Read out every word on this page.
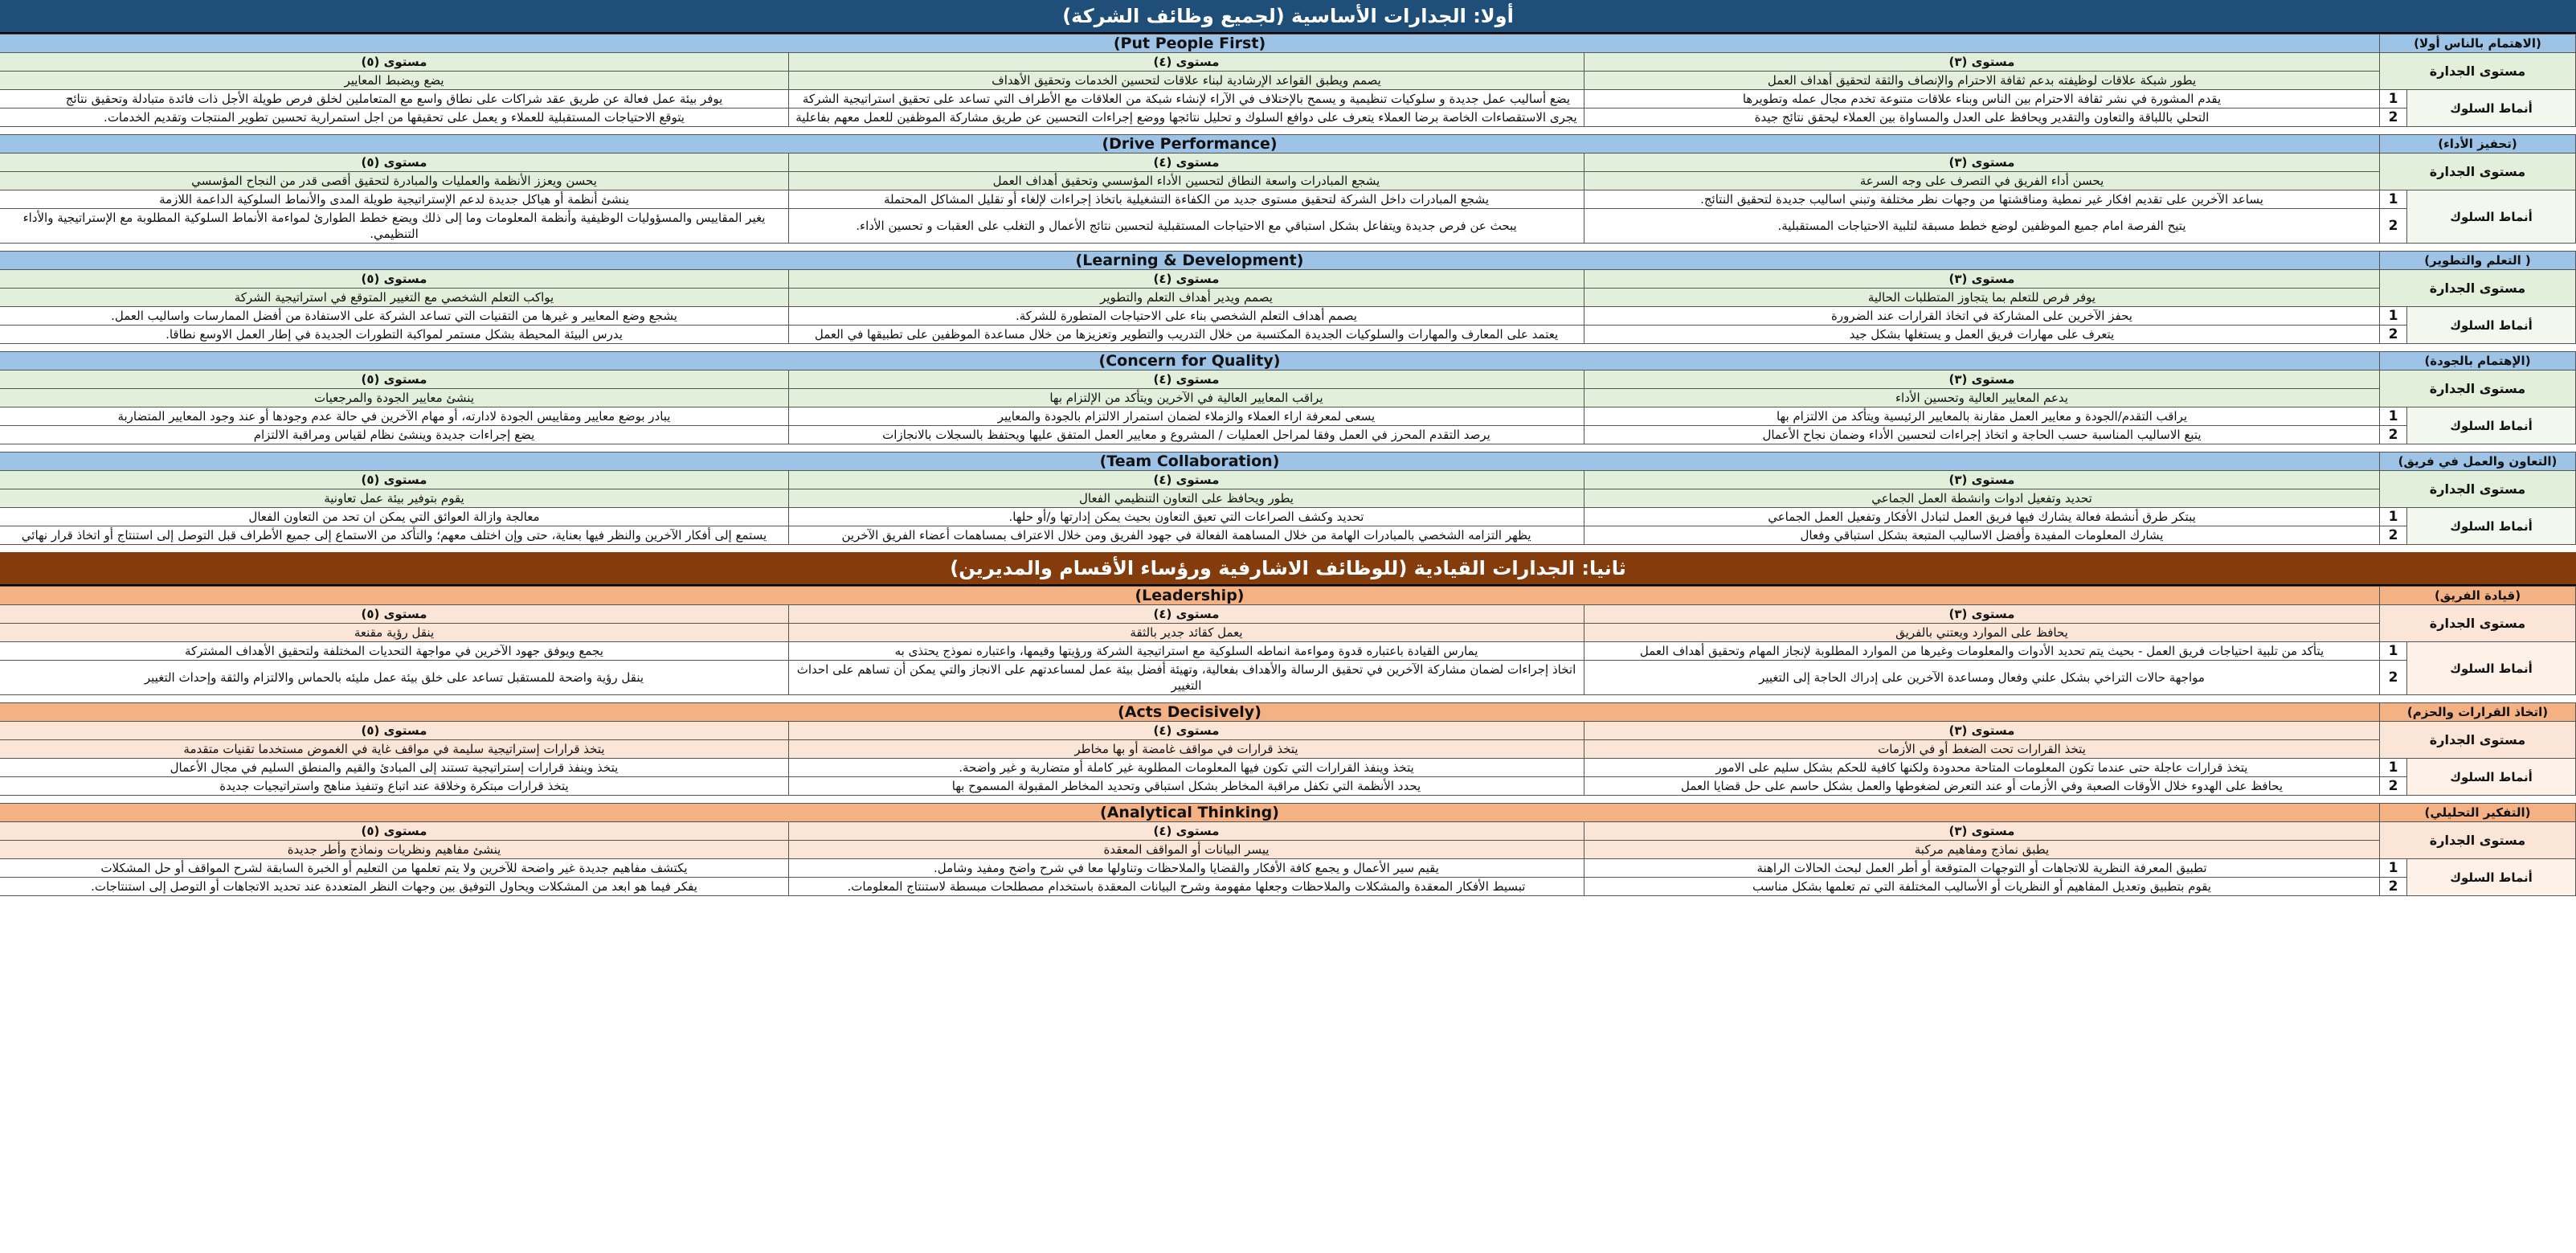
أولا: الجدارات الأساسية (لجميع وظائف الشركة)
(الاهتمام بالناس أولا)		(Put People First)		
مستوى الجدارة		مستوى (٣)	مستوى (٤)	مستوى (٥)
		يطور شبكة علاقات لوظيفته بدعم ثقافة الاحترام والإنصاف والثقة لتحقيق أهداف العمل	يصمم ويطبق القواعد الإرشادية لبناء علاقات لتحسين الخدمات وتحقيق الأهداف	يضع ويضبط المعايير
أنماط السلوك	1	يقدم المشورة في نشر ثقافة الاحترام بين الناس وبناء علاقات متنوعة تخدم مجال عمله وتطويرها	يضع أساليب عمل جديدة و سلوكيات تنظيمية و يسمح بالإختلاف في الآراء لإنشاء شبكة من العلاقات مع الأطراف التي تساعد على تحقيق استراتيجية الشركة	يوفر بيئة عمل فعالة عن طريق عقد شراكات على نطاق واسع مع المتعاملين لخلق فرص طويلة الأجل ذات فائدة متبادلة وتحقيق نتائج
	2	التحلي باللباقة والتعاون والتقدير ويحافظ على العدل والمساواة بين العملاء ليحقق نتائج جيدة	يجرى الاستقصاءات الخاصة برضا العملاء يتعرف على دوافع السلوك و تحليل نتائجها ووضع إجراءات التحسين عن طريق مشاركة الموظفين للعمل معهم بفاعلية	يتوقع الاحتياجات المستقبلية للعملاء و يعمل على تحقيقها من اجل استمرارية تحسين تطوير المنتجات وتقديم الخدمات.

(تحفيز الأداء)		(Drive Performance)		
مستوى الجدارة		مستوى (٣)	مستوى (٤)	مستوى (٥)
		يحسن أداء الفريق في التصرف على وجه السرعة	يشجع المبادرات واسعة النطاق لتحسين الأداء المؤسسي وتحقيق أهداف العمل	يحسن ويعزز الأنظمة والعمليات والمبادرة لتحقيق أقصى قدر من النجاح المؤسسي
أنماط السلوك	1	يساعد الآخرين على تقديم افكار غير نمطية ومناقشتها من وجهات نظر مختلفة وتبني اساليب جديدة لتحقيق النتائج.	يشجع المبادرات داخل الشركة لتحقيق مستوى جديد من الكفاءة التشغيلية باتخاذ إجراءات لإلغاء أو تقليل المشاكل المحتملة	ينشئ أنظمة أو هياكل جديدة لدعم الإستراتيجية طويلة المدى والأنماط السلوكية الداعمة اللازمة
	2	يتيح الفرصة امام جميع الموظفين لوضع خطط مسبقة لتلبية الاحتياجات المستقبلية.	يبحث عن فرص جديدة ويتفاعل بشكل استباقي مع الاحتياجات المستقبلية لتحسين نتائج الأعمال و التغلب على العقبات و تحسين الأداء.	يغير المقاييس والمسؤوليات الوظيفية وأنظمة المعلومات وما إلى ذلك ويضع خطط الطوارئ لمواءمة الأنماط السلوكية المطلوبة مع الإستراتيجية والأداء التنظيمي.

( التعلم والتطوير)		(Learning & Development)		
مستوى الجدارة		مستوى (٣)	مستوى (٤)	مستوى (٥)
		يوفر فرص للتعلم بما يتجاوز المتطلبات الحالية	يصمم ويدير أهداف التعلم والتطوير	يواكب التعلم الشخصي مع التغيير المتوقع في استراتيجية الشركة
أنماط السلوك	1	يحفز الآخرين على المشاركة في اتخاذ القرارات عند الضرورة	يصمم أهداف التعلم الشخصي بناء على الاحتياجات المتطورة للشركة.	يشجع وضع المعايير و غيرها من التقنيات التي تساعد الشركة على الاستفادة من أفضل الممارسات واساليب العمل.
	2	يتعرف على مهارات فريق العمل و يستغلها بشكل جيد	يعتمد على المعارف والمهارات والسلوكيات الجديدة المكتسبة من خلال التدريب والتطوير وتعزيزها من خلال مساعدة الموظفين على تطبيقها في العمل	يدرس البيئة المحيطة بشكل مستمر لمواكبة التطورات الجديدة في إطار العمل الاوسع نطاقا.

(الإهتمام بالجودة)		(Concern for Quality)		
مستوى الجدارة		مستوى (٣)	مستوى (٤)	مستوى (٥)
		يدعم المعايير العالية وتحسين الأداء	يراقب المعايير العالية في الآخرين ويتأكد من الإلتزام بها	ينشئ معايير الجودة والمرجعيات
أنماط السلوك	1	يراقب التقدم/الجودة و معايير العمل مقارنة بالمعايير الرئيسية ويتأكد من الالتزام بها	يسعى لمعرفة اراء العملاء والزملاء لضمان استمرار الالتزام بالجودة والمعايير	يبادر بوضع معايير ومقاييس الجودة لادارته، أو مهام الآخرين في حالة عدم وجودها أو عند وجود المعايير المتضاربة
	2	يتبع الاساليب المناسبة حسب الحاجة و اتخاذ إجراءات لتحسين الأداء وضمان نجاح الأعمال	يرصد التقدم المحرز في العمل وفقا لمراحل العمليات / المشروع و معايير العمل المتفق عليها ويحتفظ بالسجلات بالانجازات	يضع إجراءات جديدة وينشئ نظام لقياس ومراقبة الالتزام

(التعاون والعمل في فريق)		(Team Collaboration)		
مستوى الجدارة		مستوى (٣)	مستوى (٤)	مستوى (٥)
		تحديد وتفعيل ادوات وانشطة العمل الجماعي	يطور ويحافظ على التعاون التنظيمي الفعال	يقوم بتوفير بيئة عمل تعاونية
أنماط السلوك	1	يبتكر طرق أنشطة فعالة يشارك فيها فريق العمل لتبادل الأفكار وتفعيل العمل الجماعي	تحديد وكشف الصراعات التي تعيق التعاون بحيث يمكن إدارتها و/أو حلها.	معالجة وازالة العوائق التي يمكن ان تحد من التعاون الفعال
	2	يشارك المعلومات المفيدة وأفضل الاساليب المتبعة بشكل استباقي وفعال	يظهر التزامه الشخصي بالمبادرات الهامة من خلال المساهمة الفعالة في جهود الفريق ومن خلال الاعتراف بمساهمات أعضاء الفريق الآخرين	يستمع إلى أفكار الآخرين والنظر فيها بعناية، حتى وإن اختلف معهم؛ والتأكد من الاستماع إلى جميع الأطراف قبل التوصل إلى استنتاج أو اتخاذ قرار نهائي

ثانيا: الجدارات القيادية (للوظائف الاشارفية ورؤساء الأقسام والمديرين)
(قيادة الفريق)		(Leadership)		
مستوى الجدارة		مستوى (٣)	مستوى (٤)	مستوى (٥)
		يحافظ على الموارد ويعتني بالفريق	يعمل كقائد جدير بالثقة	ينقل رؤية مقنعة
أنماط السلوك	1	يتأكد من تلبية احتياجات فريق العمل - بحيث يتم تحديد الأدوات والمعلومات وغيرها من الموارد المطلوبة لإنجاز المهام وتحقيق أهداف العمل	يمارس القيادة باعتباره قدوة ومواءمة انماطه السلوكية مع استراتيجية الشركة ورؤيتها وقيمها، واعتباره نموذج يحتذى به	يجمع ويوفق جهود الآخرين في مواجهة التحديات المختلفة ولتحقيق الأهداف المشتركة
	2	مواجهة حالات التراخي بشكل علني وفعال ومساعدة الآخرين على إدراك الحاجة إلى التغيير	اتخاذ إجراءات لضمان مشاركة الآخرين في تحقيق الرسالة والأهداف بفعالية، وتهيئة أفضل بيئة عمل لمساعدتهم على الانجاز والتي يمكن أن تساهم على احداث التغيير	ينقل رؤية واضحة للمستقبل تساعد على خلق بيئة عمل مليئه بالحماس والالتزام والثقة وإحداث التغيير

(اتخاذ القرارات والحزم)		(Acts Decisively)		
مستوى الجدارة		مستوى (٣)	مستوى (٤)	مستوى (٥)
		يتخذ القرارات تحت الضغط أو في الأزمات	يتخذ قرارات في مواقف غامضة أو بها مخاطر	يتخذ قرارات إستراتيجية سليمة في مواقف غاية في الغموض مستخدما تقنيات متقدمة
أنماط السلوك	1	يتخذ قرارات عاجلة حتى عندما تكون المعلومات المتاحة محدودة ولكنها كافية للحكم بشكل سليم على الامور	يتخذ وينفذ القرارات التي تكون فيها المعلومات المطلوبة غير كاملة أو متضاربة و غير واضحة.	يتخذ وينفذ قرارات إستراتيجية تستند إلى المبادئ والقيم والمنطق السليم في مجال الأعمال
	2	يحافظ على الهدوء خلال الأوقات الصعبة وفي الأزمات أو عند التعرض لضغوطها والعمل بشكل حاسم على حل قضايا العمل	يحدد الأنظمة التي تكفل مراقبة المخاطر بشكل استباقي وتحديد المخاطر المقبولة المسموح بها	يتخذ قرارات مبتكرة وخلاقة عند اتباع وتنفيذ مناهج واستراتيجيات جديدة

(التفكير التحليلي)		(Analytical Thinking)		
مستوى الجدارة		مستوى (٣)	مستوى (٤)	مستوى (٥)
		يطبق نماذج ومفاهيم مركبة	ييسر البيانات أو المواقف المعقدة	ينشئ مفاهيم ونظريات ونماذج وأطر جديدة
أنماط السلوك	1	تطبيق المعرفة النظرية للاتجاهات أو التوجهات المتوقعة أو أطر العمل لبحث الحالات الراهنة	يقيم سير الأعمال و يجمع كافة الأفكار والقضايا والملاحظات وتناولها معا في شرح واضح ومفيد وشامل.	يكتشف مفاهيم جديدة غير واضحة للآخرين ولا يتم تعلمها من التعليم أو الخبرة السابقة لشرح المواقف أو حل المشكلات
	2	يقوم بتطبيق وتعديل المفاهيم أو النظريات أو الأساليب المختلفة التي تم تعلمها بشكل مناسب	تبسيط الأفكار المعقدة والمشكلات والملاحظات وجعلها مفهومة وشرح البيانات المعقدة باستخدام مصطلحات مبسطة لاستنتاج المعلومات.	يفكر فيما هو ابعد من المشكلات ويحاول التوفيق بين وجهات النظر المتعددة عند تحديد الاتجاهات أو التوصل إلى استنتاجات.
